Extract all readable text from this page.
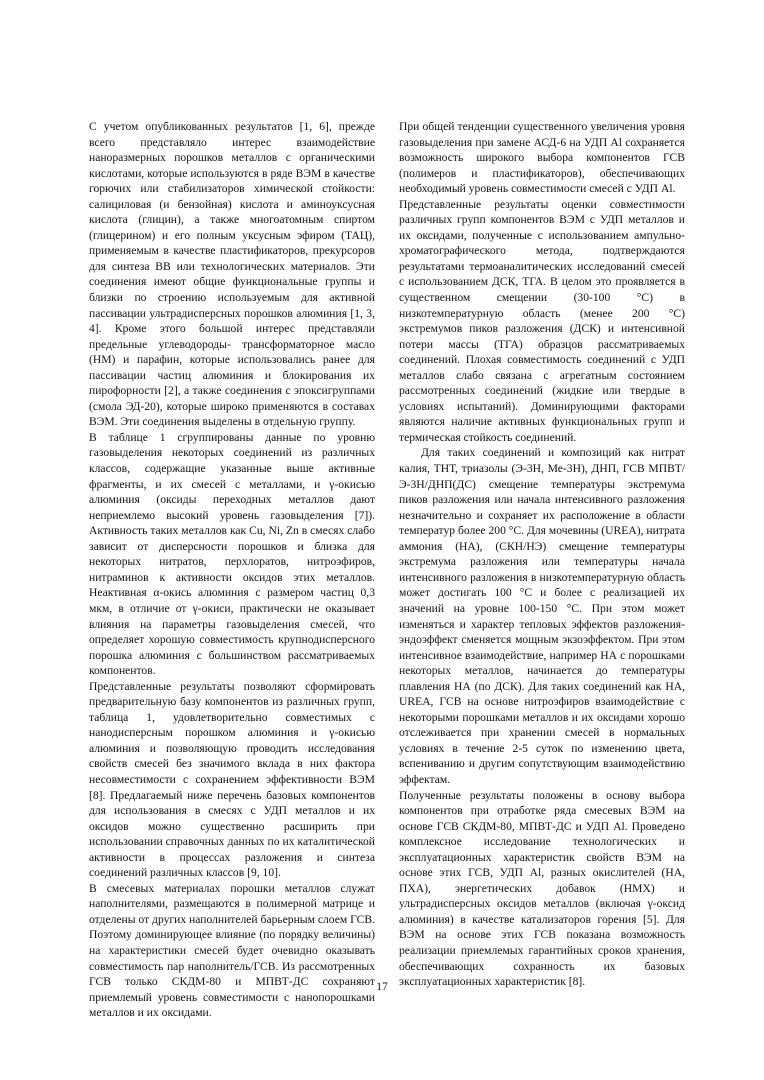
С учетом опубликованных результатов [1, 6], прежде всего представляло интерес взаимодействие наноразмерных порошков металлов с органическими кислотами, которые используются в ряде ВЭМ в качестве горючих или стабилизаторов химической стойкости: салициловая (и бензойная) кислота и аминоуксусная кислота (глицин), а также многоатомным спиртом (глицерином) и его полным уксусным эфиром (ТАЦ), применяемым в качестве пластификаторов, прекурсоров для синтеза ВВ или технологических материалов. Эти соединения имеют общие функциональные группы и близки по строению используемым для активной пассивации ультрадисперсных порошков алюминия [1, 3, 4]. Кроме этого большой интерес представляли предельные углеводороды- трансформаторное масло (НМ) и парафин, которые использовались ранее для пассивации частиц алюминия и блокирования их пирофорности [2], а также соединения с эпоксигруппами (смола ЭД-20), которые широко применяются в составах ВЭМ. Эти соединения выделены в отдельную группу.

В таблице 1 сгруппированы данные по уровню газовыделения некоторых соединений из различных классов, содержащие указанные выше активные фрагменты, и их смесей с металлами, и γ-окисью алюминия (оксиды переходных металлов дают неприемлемо высокий уровень газовыделения [7]). Активность таких металлов как Cu, Ni, Zn в смесях слабо зависит от дисперсности порошков и близка для некоторых нитратов, перхлоратов, нитроэфиров, нитраминов к активности оксидов этих металлов. Неактивная α-окись алюминия с размером частиц 0,3 мкм, в отличие от γ-окиси, практически не оказывает влияния на параметры газовыделения смесей, что определяет хорошую совместимость крупнодисперсного порошка алюминия с большинством рассматриваемых компонентов.

Представленные результаты позволяют сформировать предварительную базу компонентов из различных групп, таблица 1, удовлетворительно совместимых с нанодисперсным порошком алюминия и γ-окисью алюминия и позволяющую проводить исследования свойств смесей без значимого вклада в них фактора несовместимости с сохранением эффективности ВЭМ [8]. Предлагаемый ниже перечень базовых компонентов для использования в смесях с УДП металлов и их оксидов можно существенно расширить при использовании справочных данных по их каталитической активности в процессах разложения и синтеза соединений различных классов [9, 10].

В смесевых материалах порошки металлов служат наполнителями, размещаются в полимерной матрице и отделены от других наполнителей барьерным слоем ГСВ. Поэтому доминирующее влияние (по порядку величины) на характеристики смесей будет очевидно оказывать совместимость пар наполнитель/ГСВ. Из рассмотренных ГСВ только СКДМ-80 и МПВТ-ДС сохраняют приемлемый уровень совместимости с нанопорошками металлов и их оксидами.

При общей тенденции существенного увеличения уровня газовыделения при замене АСД-6 на УДП Al сохраняется возможность широкого выбора компонентов ГСВ (полимеров и пластификаторов), обеспечивающих необходимый уровень совместимости смесей с УДП Al.

Представленные результаты оценки совместимости различных групп компонентов ВЭМ с УДП металлов и их оксидами, полученные с использованием ампульно-хроматографического метода, подтверждаются результатами термоаналитических исследований смесей с использованием ДСК, ТГА. В целом это проявляется в существенном смещении (30-100 °С) в низкотемпературную область (менее 200 °С) экстремумов пиков разложения (ДСК) и интенсивной потери массы (ТГА) образцов рассматриваемых соединений. Плохая совместимость соединений с УДП металлов слабо связана с агрегатным состоянием рассмотренных соединений (жидкие или твердые в условиях испытаний). Доминирующими факторами являются наличие активных функциональных групп и термическая стойкость соединений.

Для таких соединений и композиций как нитрат калия, ТНТ, триазолы (Э-3Н, Ме-3Н), ДНП, ГСВ МПВТ/Э-3Н/ДНП(ДС) смещение температуры экстремума пиков разложения или начала интенсивного разложения незначительно и сохраняет их расположение в области температур более 200 °С. Для мочевины (UREA), нитрата аммония (НА), (СКН/НЭ) смещение температуры экстремума разложения или температуры начала интенсивного разложения в низкотемпературную область может достигать 100 °С и более с реализацией их значений на уровне 100-150 °С. При этом может изменяться и характер тепловых эффектов разложения- эндоэффект сменяется мощным экзоэффектом. При этом интенсивное взаимодействие, например НА с порошками некоторых металлов, начинается до температуры плавления НА (по ДСК). Для таких соединений как НА, UREA, ГСВ на основе нитроэфиров взаимодействие с некоторыми порошками металлов и их оксидами хорошо отслеживается при хранении смесей в нормальных условиях в течение 2-5 суток по изменению цвета, вспениванию и другим сопутствующим взаимодействию эффектам.

Полученные результаты положены в основу выбора компонентов при отработке ряда смесевых ВЭМ на основе ГСВ СКДМ-80, МПВТ-ДС и УДП Al. Проведено комплексное исследование технологических и эксплуатационных характеристик свойств ВЭМ на основе этих ГСВ, УДП Al, разных окислителей (НА, ПХА), энергетических добавок (НМХ) и ультрадисперсных оксидов металлов (включая γ-оксид алюминия) в качестве катализаторов горения [5]. Для ВЭМ на основе этих ГСВ показана возможность реализации приемлемых гарантийных сроков хранения, обеспечивающих сохранность их базовых эксплуатационных характеристик [8].

17
